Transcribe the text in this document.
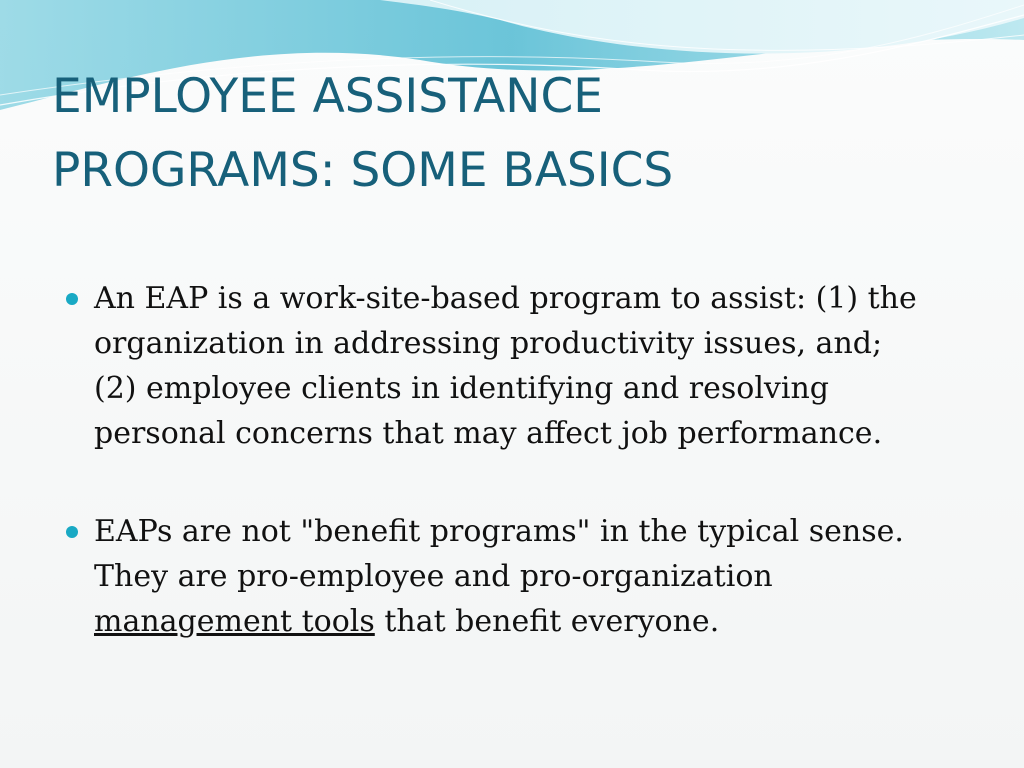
EMPLOYEE ASSISTANCE
PROGRAMS: SOME BASICS
An EAP is a work-site-based program to assist: (1) the
organization in addressing productivity issues, and;
(2) employee clients in identifying and resolving
personal concerns that may affect job performance.
EAPs are not "benefit programs" in the typical sense.
They are pro-employee and pro-organization
management tools that benefit everyone.
